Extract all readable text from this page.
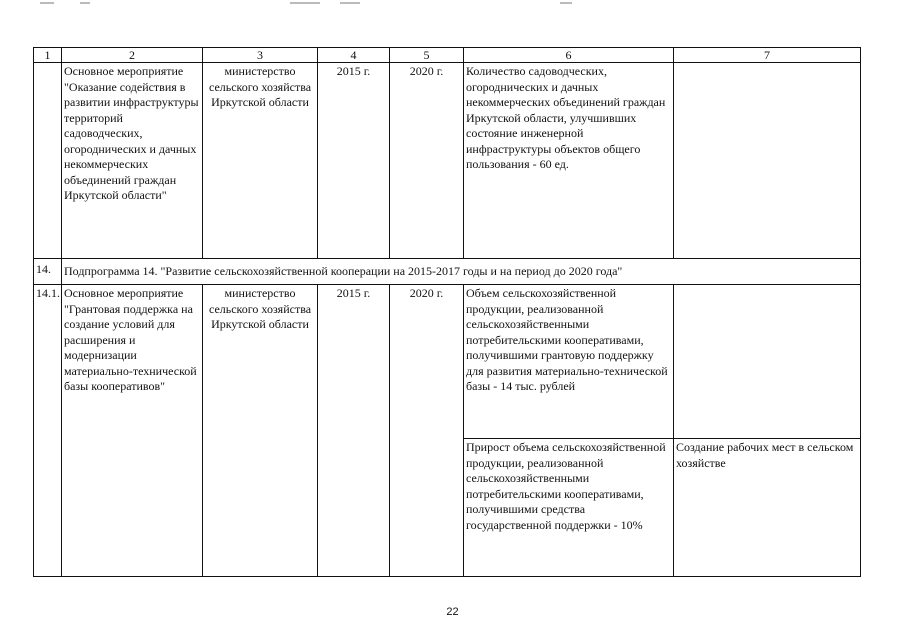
1	2	3	4	5	6	7
	Основное мероприятие "Оказание содействия в развитии инфраструктуры территорий садоводческих, огороднических и дачных некоммерческих объединений граждан Иркутской области"	министерство сельского хозяйства Иркутской области	2015 г.	2020 г.	Количество садоводческих, огороднических и дачных некоммерческих объединений граждан Иркутской области, улучшивших состояние инженерной инфраструктуры объектов общего пользования - 60 ед.	
14.	Подпрограмма 14. "Развитие сельскохозяйственной кооперации на 2015-2017 годы и на период до 2020 года"					
14.1.	Основное мероприятие "Грантовая поддержка на создание условий для расширения и модернизации материально-технической базы кооперативов"	министерство сельского хозяйства Иркутской области	2015 г.	2020 г.	Объем сельскохозяйственной продукции, реализованной сельскохозяйственными потребительскими кооперативами, получившими грантовую поддержку для развития материально-технической базы - 14 тыс. рублей	
					Прирост объема сельскохозяйственной продукции, реализованной сельскохозяйственными потребительскими кооперативами, получившими средства государственной поддержки - 10%	Создание рабочих мест в сельском хозяйстве
22
